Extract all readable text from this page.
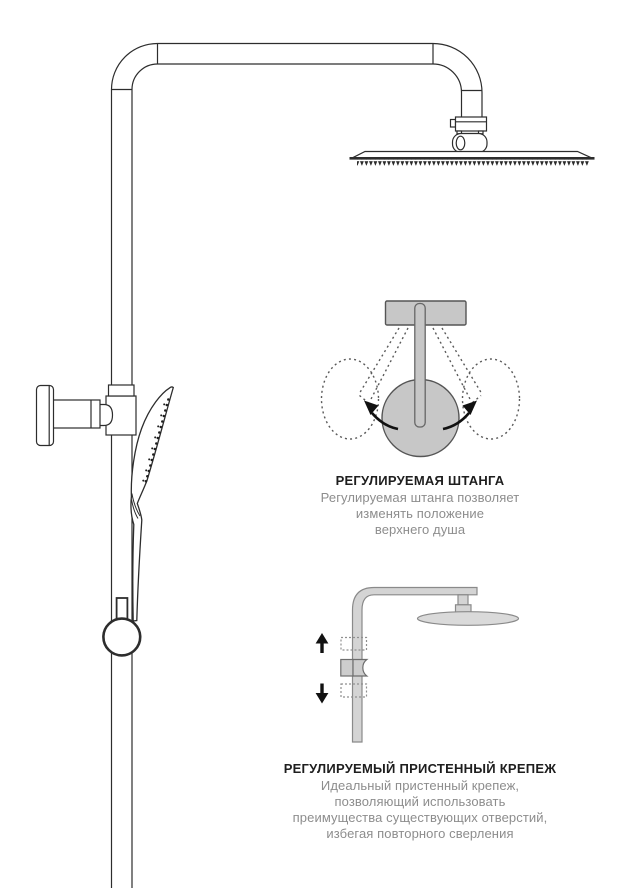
РЕГУЛИРУЕМАЯ ШТАНГА
Регулируемая штанга позволяет
изменять положение
верхнего душа
РЕГУЛИРУЕМЫЙ ПРИСТЕННЫЙ КРЕПЕЖ
Идеальный пристенный крепеж,
позволяющий использовать
преимущества существующих отверстий,
избегая повторного сверления
